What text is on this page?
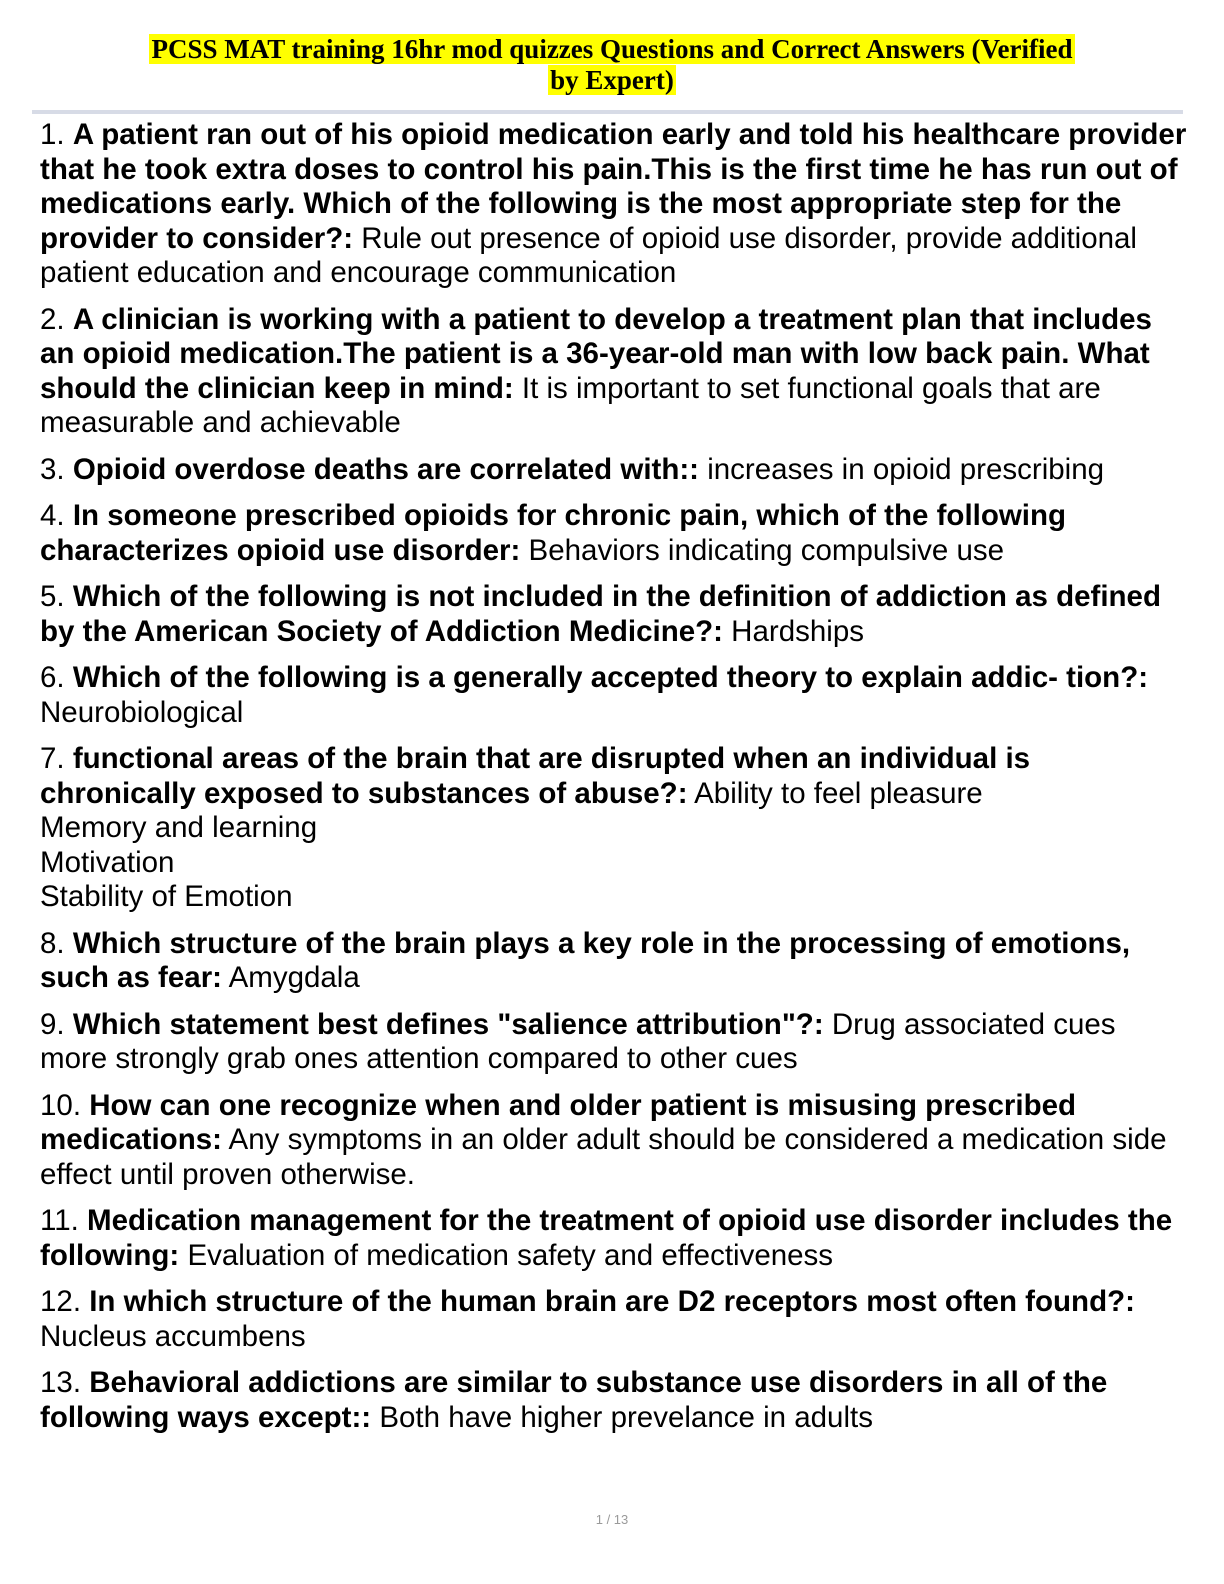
PCSS MAT training 16hr mod quizzes Questions and Correct Answers (Verified
by Expert)
1. A patient ran out of his opioid medication early and told his healthcare provider that he took extra doses to control his pain.This is the first time he has run out of medications early. Which of the following is the most appropriate step for the provider to consider?: Rule out presence of opioid use disorder, provide additional patient education and encourage communication
2. A clinician is working with a patient to develop a treatment plan that includes an opioid medication.The patient is a 36-year-old man with low back pain. What should the clinician keep in mind: It is important to set functional goals that are measurable and achievable
3. Opioid overdose deaths are correlated with:: increases in opioid prescribing
4. In someone prescribed opioids for chronic pain, which of the following characterizes opioid use disorder: Behaviors indicating compulsive use
5. Which of the following is not included in the definition of addiction as defined by the American Society of Addiction Medicine?: Hardships
6. Which of the following is a generally accepted theory to explain addic- tion?: Neurobiological
7. functional areas of the brain that are disrupted when an individual is chronically exposed to substances of abuse?: Ability to feel pleasure
Memory and learning
Motivation
Stability of Emotion
8. Which structure of the brain plays a key role in the processing of emotions, such as fear: Amygdala
9. Which statement best defines "salience attribution"?: Drug associated cues more strongly grab ones attention compared to other cues
10. How can one recognize when and older patient is misusing prescribed medications: Any symptoms in an older adult should be considered a medication side effect until proven otherwise.
11. Medication management for the treatment of opioid use disorder includes the following: Evaluation of medication safety and effectiveness
12. In which structure of the human brain are D2 receptors most often found?: Nucleus accumbens
13. Behavioral addictions are similar to substance use disorders in all of the following ways except:: Both have higher prevelance in adults
1 / 13
